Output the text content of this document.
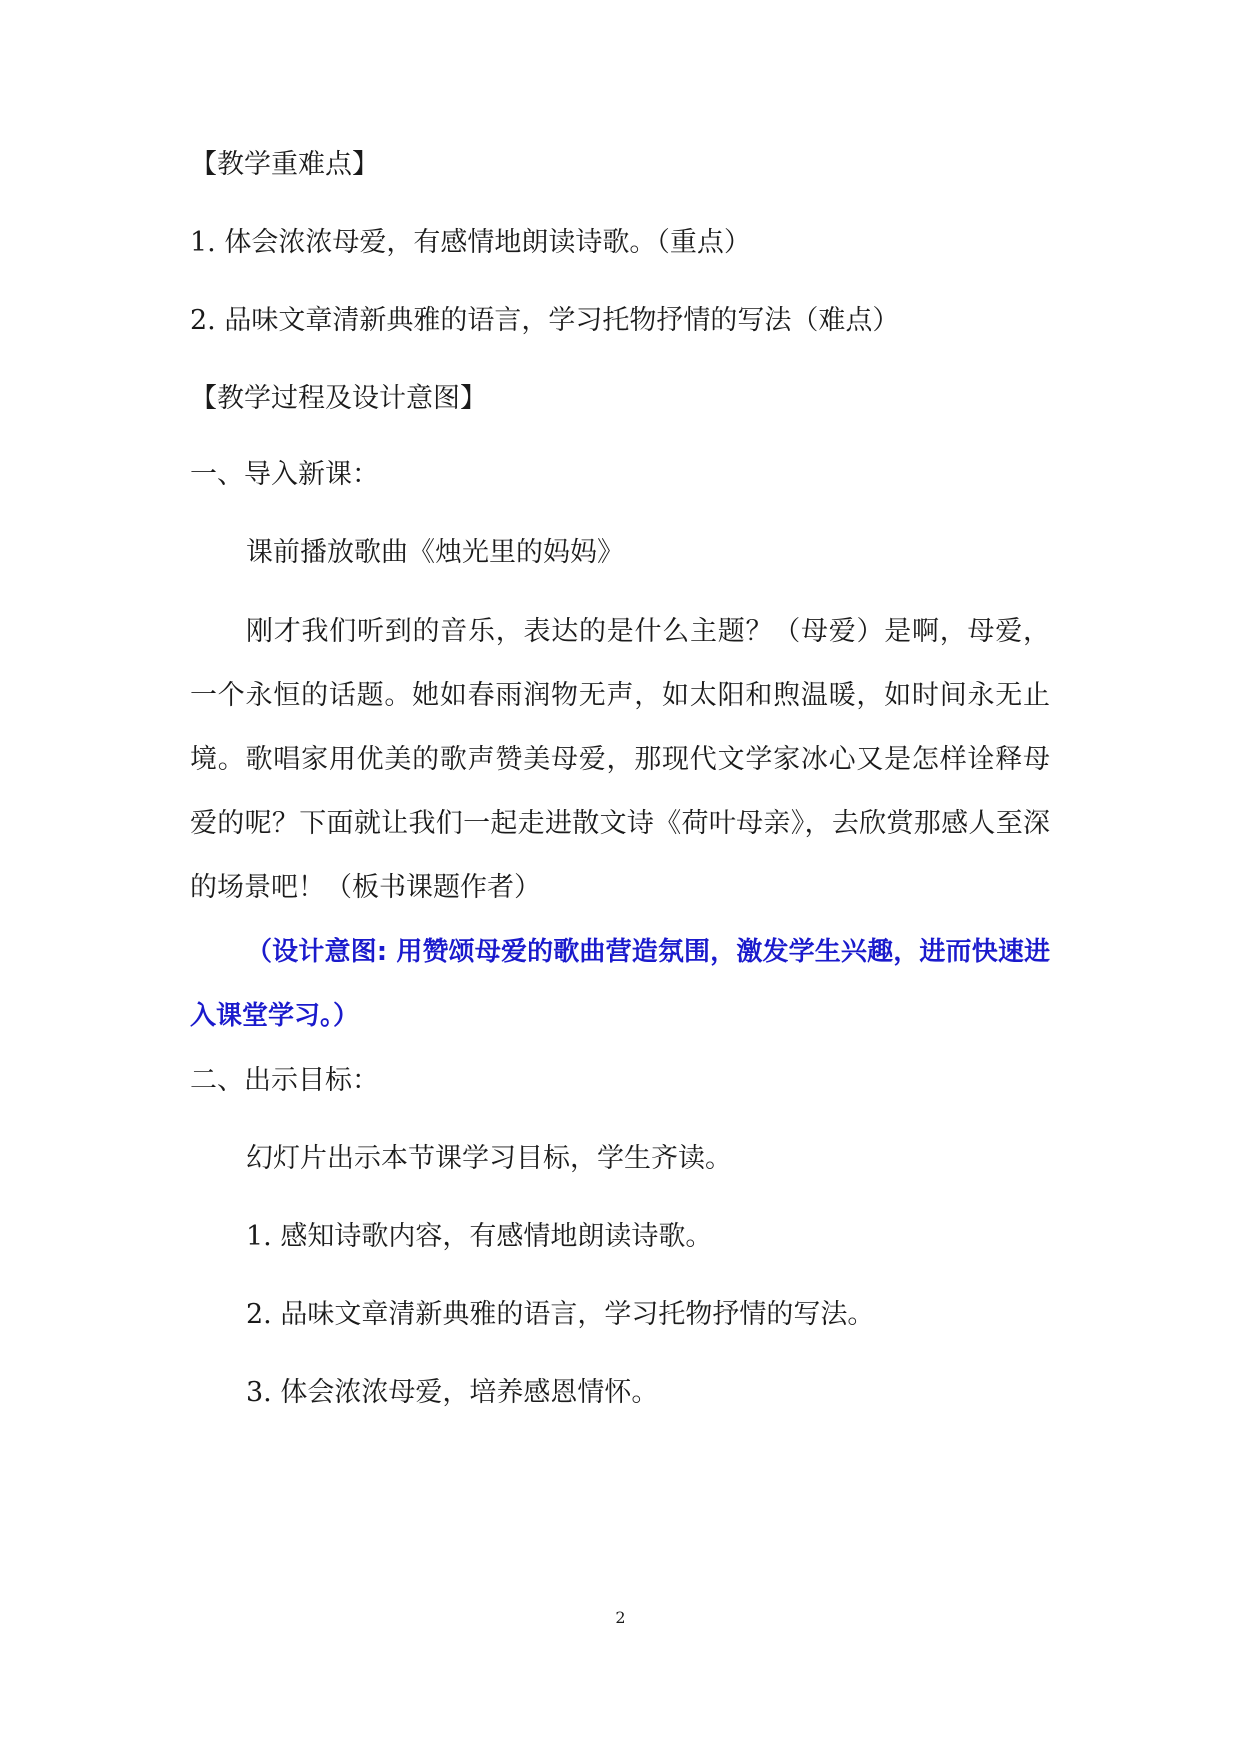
【教学重难点】
1. 体会浓浓母爱，有感情地朗读诗歌。（重点）
2. 品味文章清新典雅的语言，学习托物抒情的写法（难点）
【教学过程及设计意图】
一、导入新课：
课前播放歌曲《烛光里的妈妈》
刚才我们听到的音乐，表达的是什么主题？（母爱）是啊，母爱，一个永恒的话题。她如春雨润物无声，如太阳和煦温暖，如时间永无止境。歌唱家用优美的歌声赞美母爱，那现代文学家冰心又是怎样诠释母爱的呢？下面就让我们一起走进散文诗《荷叶母亲》，去欣赏那感人至深的场景吧！（板书课题作者）
（设计意图: 用赞颂母爱的歌曲营造氛围，激发学生兴趣，进而快速进入课堂学习。）
二、出示目标：
幻灯片出示本节课学习目标，学生齐读。
1. 感知诗歌内容，有感情地朗读诗歌。
2. 品味文章清新典雅的语言，学习托物抒情的写法。
3. 体会浓浓母爱，培养感恩情怀。
2
